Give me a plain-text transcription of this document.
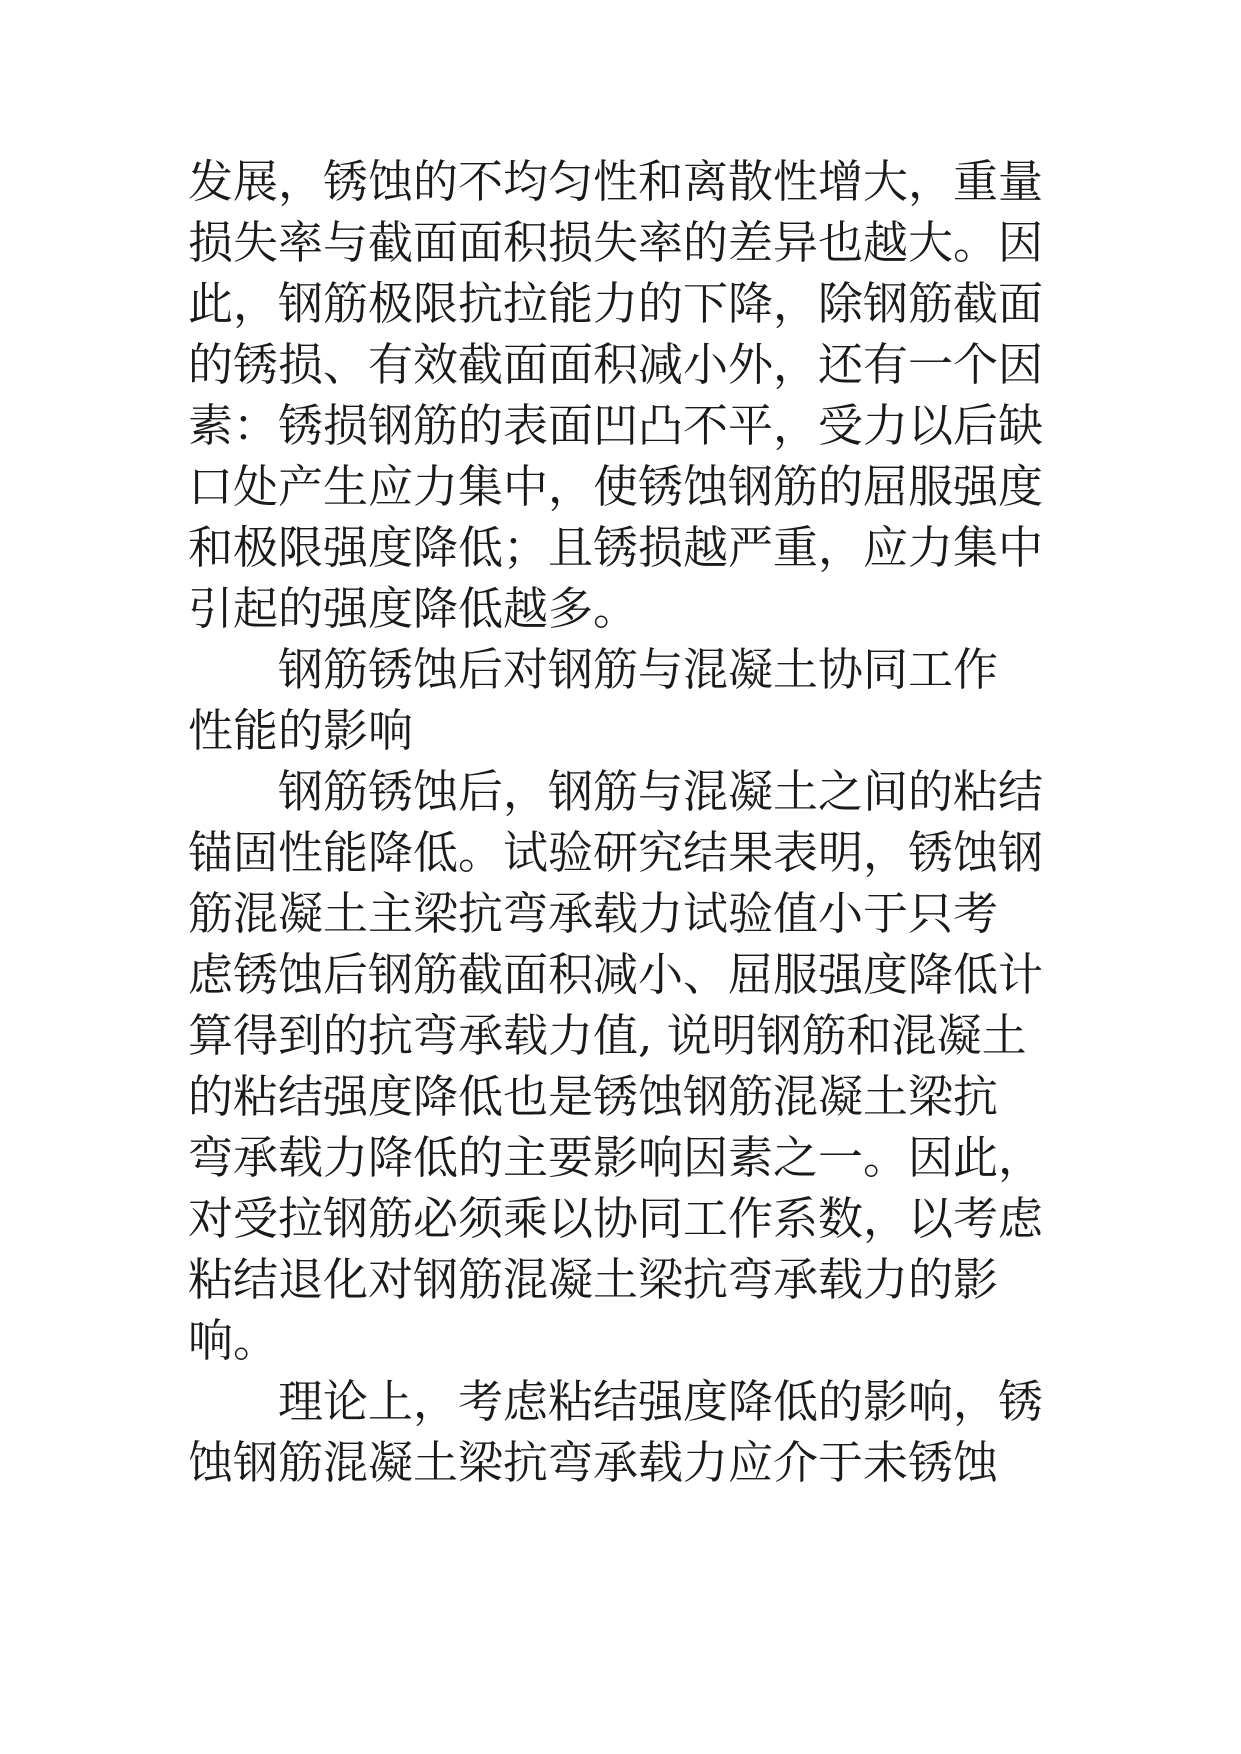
发展，锈蚀的不均匀性和离散性增大，重量
损失率与截面面积损失率的差异也越大。因
此，钢筋极限抗拉能力的下降，除钢筋截面
的锈损、有效截面面积减小外，还有一个因
素：锈损钢筋的表面凹凸不平，受力以后缺
口处产生应力集中，使锈蚀钢筋的屈服强度
和极限强度降低；且锈损越严重，应力集中
引起的强度降低越多。
钢筋锈蚀后对钢筋与混凝土协同工作
性能的影响
钢筋锈蚀后，钢筋与混凝土之间的粘结
锚固性能降低。试验研究结果表明，锈蚀钢
筋混凝土主梁抗弯承载力试验值小于只考
虑锈蚀后钢筋截面积减小、屈服强度降低计
算得到的抗弯承载力值, 说明钢筋和混凝土
的粘结强度降低也是锈蚀钢筋混凝土梁抗
弯承载力降低的主要影响因素之一。因此，
对受拉钢筋必须乘以协同工作系数，以考虑
粘结退化对钢筋混凝土梁抗弯承载力的影
响。
理论上，考虑粘结强度降低的影响，锈
蚀钢筋混凝土梁抗弯承载力应介于未锈蚀
